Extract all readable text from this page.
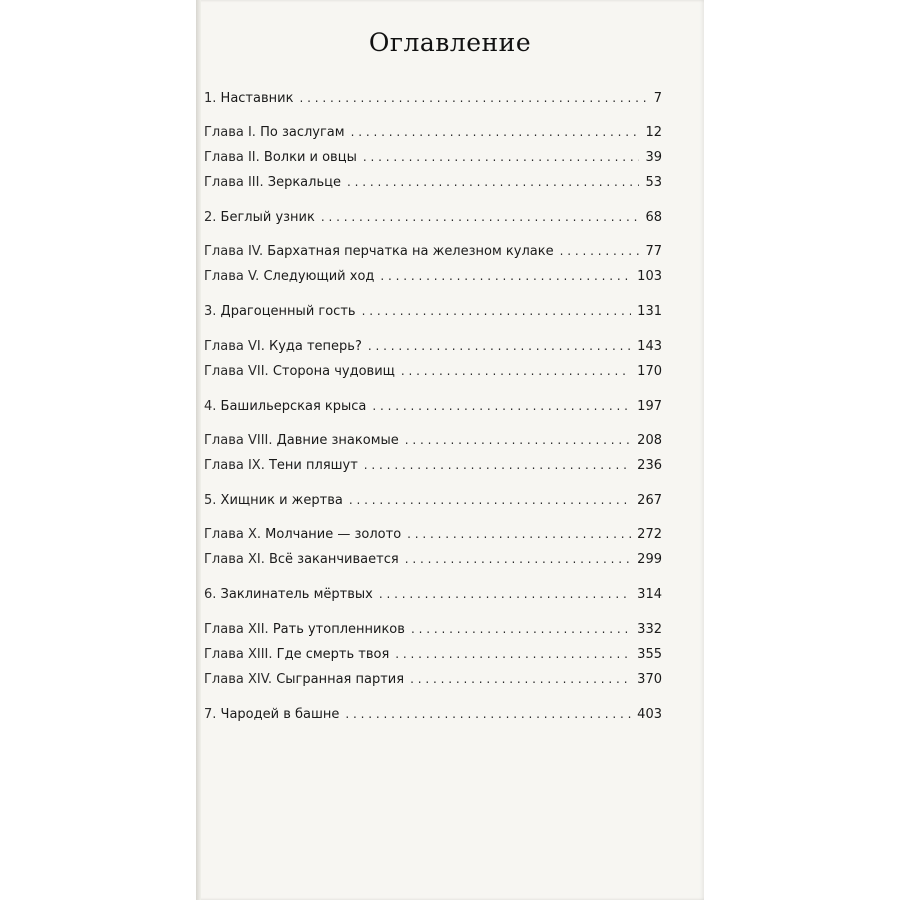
Оглавление
1. Наставник . . .	7
Глава I. По заслугам . . .	12
Глава II. Волки и овцы . . .	39
Глава III. Зеркальце . . .	53
2. Беглый узник . . .	68
Глава IV. Бархатная перчатка на железном кулаке . . .	77
Глава V. Следующий ход . . .	103
3. Драгоценный гость . . .	131
Глава VI. Куда теперь? . . .	143
Глава VII. Сторона чудовищ . . .	170
4. Башильерская крыса . . .	197
Глава VIII. Давние знакомые . . .	208
Глава IX. Тени пляшут . . .	236
5. Хищник и жертва . . .	267
Глава X. Молчание — золото . . .	272
Глава XI. Всё заканчивается . . .	299
6. Заклинатель мёртвых . . .	314
Глава XII. Рать утопленников . . .	332
Глава XIII. Где смерть твоя . . .	355
Глава XIV. Сыгранная партия . . .	370
7. Чародей в башне . . .	403
